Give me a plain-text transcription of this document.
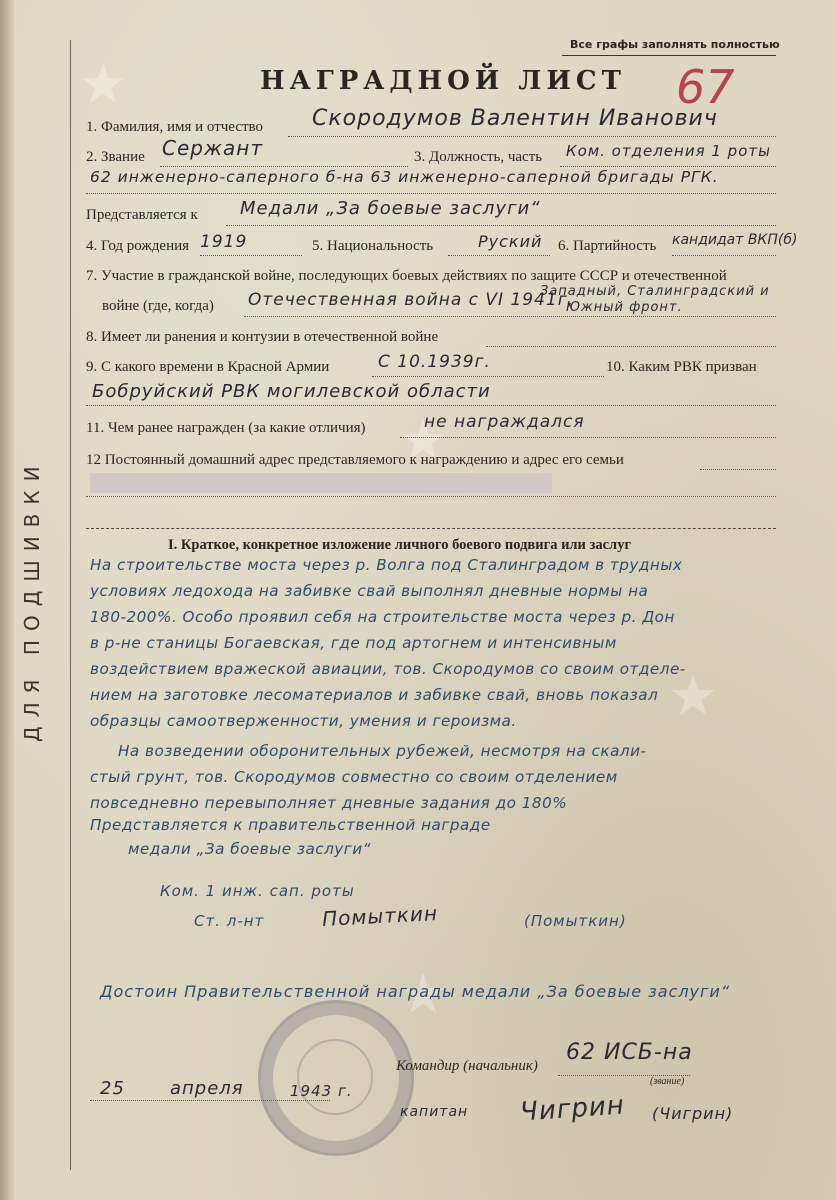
★
★
★
★
ДЛЯ ПОДШИВКИ
Все графы заполнять полностью
НАГРАДНОЙ ЛИСТ 67
1. Фамилия, имя и отчество Скородумов Валентин Иванович
2. Звание Сержант	3. Должность, часть Ком. отделения 1 роты
62 инженерно-саперного б-на 63 инженерно-саперной бригады РГК.
Представляется к Медали „За боевые заслуги“
4. Год рождения 1919	5. Национальность	Руский 6. Партийность кандидат ВКП(б)
7. Участие в гражданской войне, последующих боевых действиях по защите СССР и отечественной
войне (где, когда) Отечественная война с VI 1941г.
Западный, Сталинградский и
Южный фронт.
8. Имеет ли ранения и контузии в отечественной войне
9. С какого времени в Красной Армии	С 10.1939г.	10. Каким РВК призван
Бобруйский РВК могилевской области
11. Чем ранее награжден (за какие отличия)	не награждался
12 Постоянный домашний адрес представляемого к награждению и адрес его семьи
I. Краткое, конкретное изложение личного боевого подвига или заслуг
На строительстве моста через р. Волга под Сталинградом в трудных
условиях ледохода на забивке свай выполнял дневные нормы на
180-200%. Особо проявил себя на строительстве моста через р. Дон
в р-не станицы Богаевская, где под артогнем и интенсивным
воздействием вражеской авиации, тов. Скородумов со своим отделе-
нием на заготовке лесоматериалов и забивке свай, вновь показал
образцы самоотверженности, умения и героизма.
На возведении оборонительных рубежей, несмотря на скали-
стый грунт, тов. Скородумов совместно со своим отделением
повседневно перевыполняет дневные задания до 180%
Представляется к правительственной награде
медали „За боевые заслуги“
Ком. 1 инж. сап. роты
Ст. л-нт	Помыткин	(Помыткин)
Достоин Правительственной награды медали „За боевые заслуги“
Командир (начальник)
62 ИСБ-на
(звание)
25	апреля	1943 г.
капитан Чигрин (Чигрин)
